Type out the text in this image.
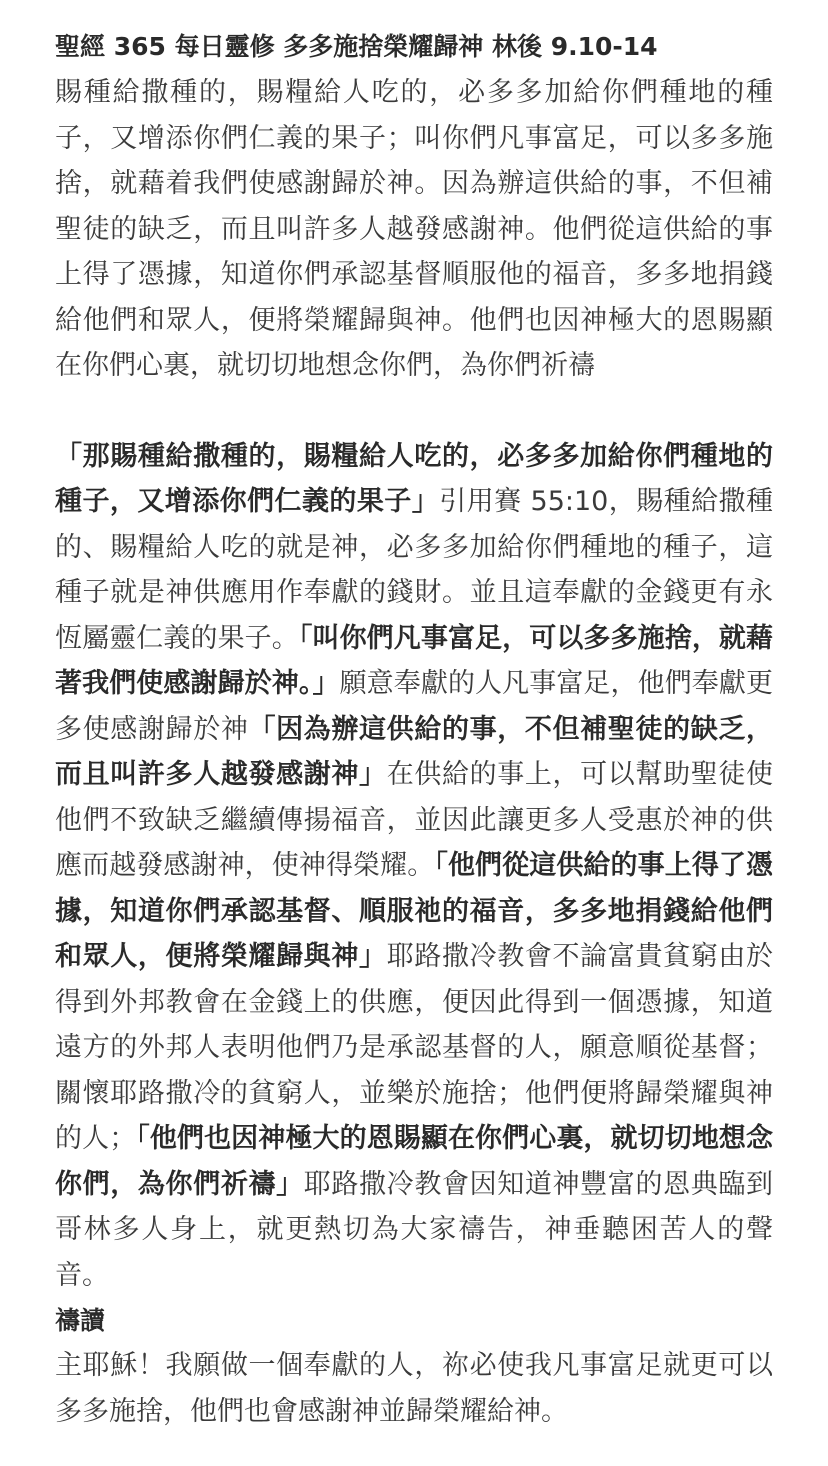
聖經 365 每日靈修 多多施捨榮耀歸神 林後 9.10-14

賜種給撒種的，賜糧給人吃的，必多多加給你們種地的種子，又增添你們仁義的果子；叫你們凡事富足，可以多多施捨，就藉着我們使感謝歸於神。因為辦這供給的事，不但補聖徒的缺乏，而且叫許多人越發感謝神。他們從這供給的事上得了憑據，知道你們承認基督順服他的福音，多多地捐錢給他們和眾人，便將榮耀歸與神。他們也因神極大的恩賜顯在你們心裏，就切切地想念你們，為你們祈禱

「那賜種給撒種的，賜糧給人吃的，必多多加給你們種地的種子，又增添你們仁義的果子」引用賽 55:10，賜種給撒種的、賜糧給人吃的就是神，必多多加給你們種地的種子，這種子就是神供應用作奉獻的錢財。並且這奉獻的金錢更有永恆屬靈仁義的果子。「叫你們凡事富足，可以多多施捨，就藉著我們使感謝歸於神。」願意奉獻的人凡事富足，他們奉獻更多使感謝歸於神「因為辦這供給的事，不但補聖徒的缺乏，而且叫許多人越發感謝神」在供給的事上，可以幫助聖徒使他們不致缺乏繼續傳揚福音，並因此讓更多人受惠於神的供應而越發感謝神，使神得榮耀。「他們從這供給的事上得了憑據，知道你們承認基督、順服祂的福音，多多地捐錢給他們和眾人，便將榮耀歸與神」耶路撒冷教會不論富貴貧窮由於得到外邦教會在金錢上的供應，便因此得到一個憑據，知道遠方的外邦人表明他們乃是承認基督的人，願意順從基督；關懷耶路撒冷的貧窮人，並樂於施捨；他們便將歸榮耀與神的人；「他們也因神極大的恩賜顯在你們心裏，就切切地想念你們，為你們祈禱」耶路撒冷教會因知道神豐富的恩典臨到哥林多人身上，就更熱切為大家禱告，神垂聽困苦人的聲音。

禱讀

主耶穌！我願做一個奉獻的人，祢必使我凡事富足就更可以多多施捨，他們也會感謝神並歸榮耀給神。
